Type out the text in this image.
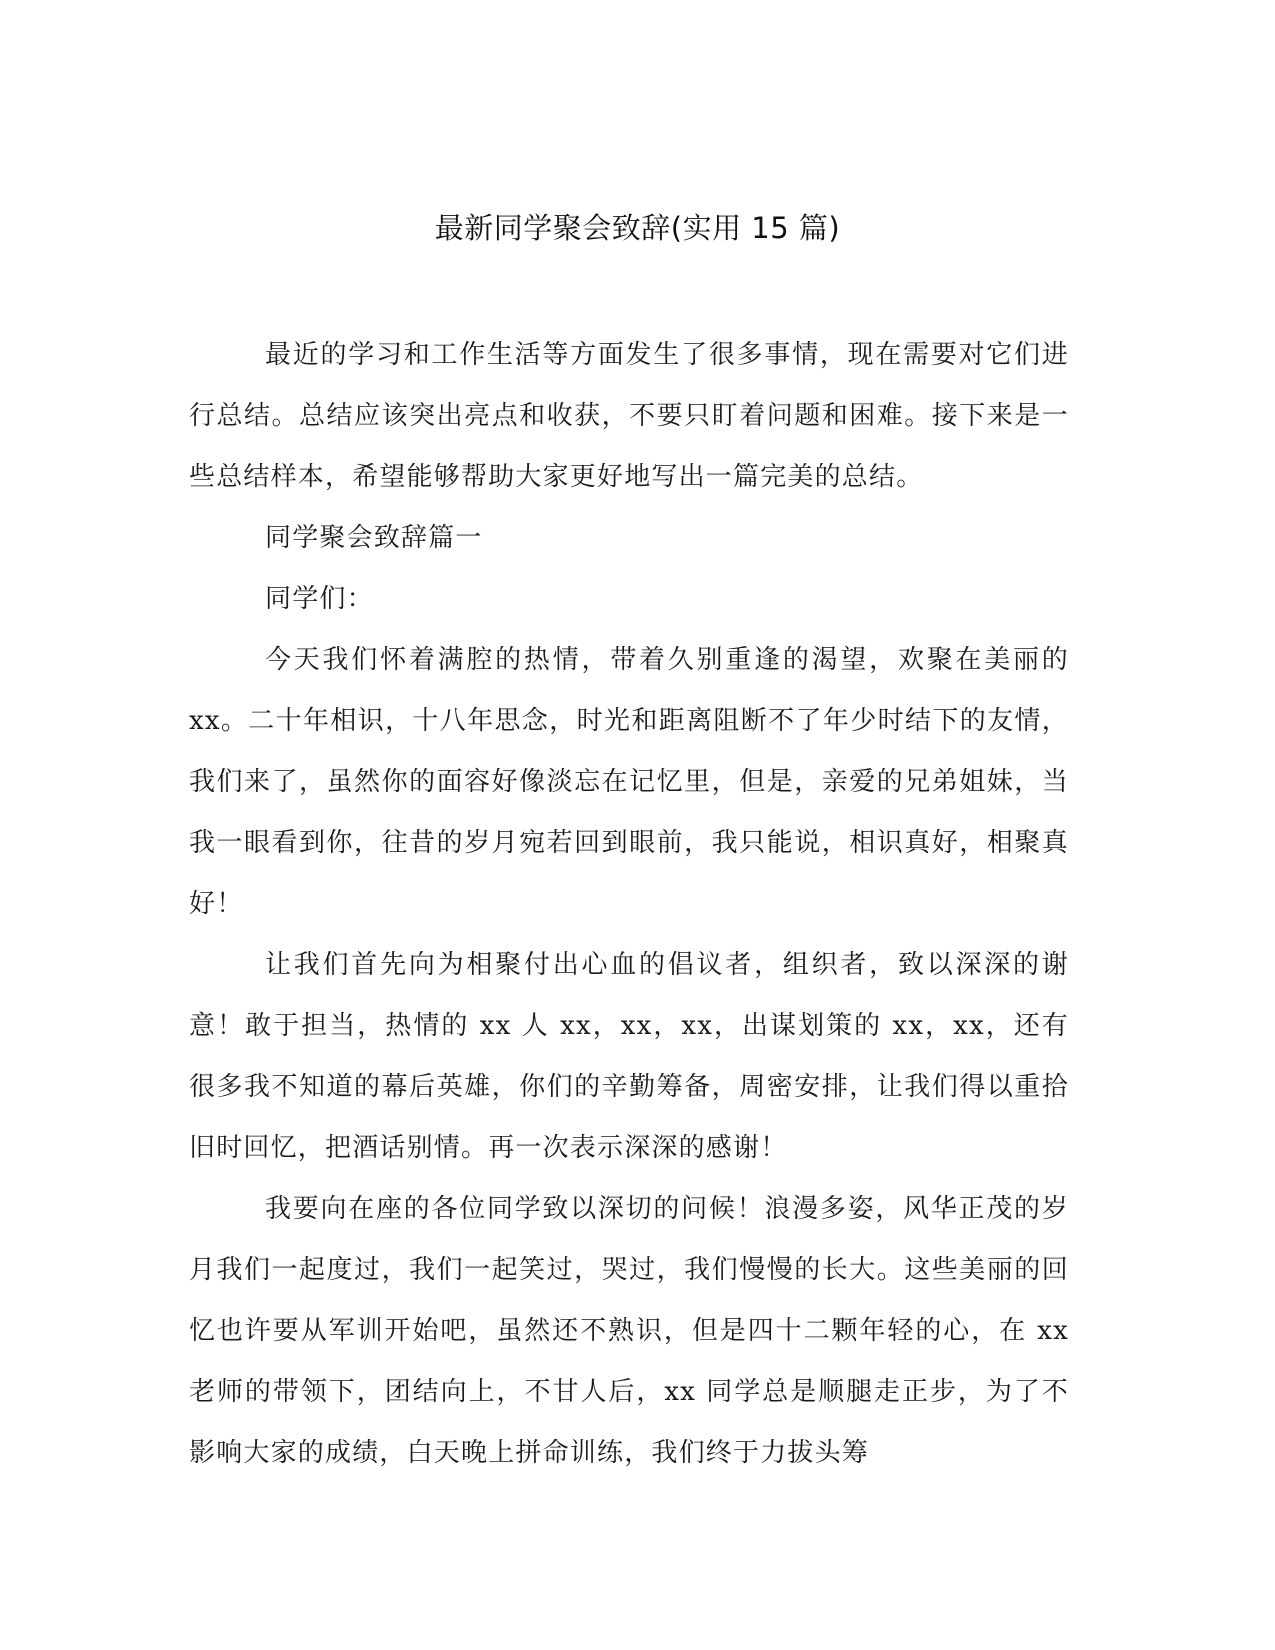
最新同学聚会致辞(实用 15 篇)

最近的学习和工作生活等方面发生了很多事情，现在需要对它们进行总结。总结应该突出亮点和收获，不要只盯着问题和困难。接下来是一些总结样本，希望能够帮助大家更好地写出一篇完美的总结。

同学聚会致辞篇一

同学们：

今天我们怀着满腔的热情，带着久别重逢的渴望，欢聚在美丽的 xx。二十年相识，十八年思念，时光和距离阻断不了年少时结下的友情，我们来了，虽然你的面容好像淡忘在记忆里，但是，亲爱的兄弟姐妹，当我一眼看到你，往昔的岁月宛若回到眼前，我只能说，相识真好，相聚真好！

让我们首先向为相聚付出心血的倡议者，组织者，致以深深的谢意！敢于担当，热情的 xx 人 xx，xx，xx，出谋划策的 xx，xx，还有很多我不知道的幕后英雄，你们的辛勤筹备，周密安排，让我们得以重拾旧时回忆，把酒话别情。再一次表示深深的感谢！

我要向在座的各位同学致以深切的问候！浪漫多姿，风华正茂的岁月我们一起度过，我们一起笑过，哭过，我们慢慢的长大。这些美丽的回忆也许要从军训开始吧，虽然还不熟识，但是四十二颗年轻的心，在 xx 老师的带领下，团结向上，不甘人后，xx 同学总是顺腿走正步，为了不影响大家的成绩，白天晚上拼命训练，我们终于力拔头筹
